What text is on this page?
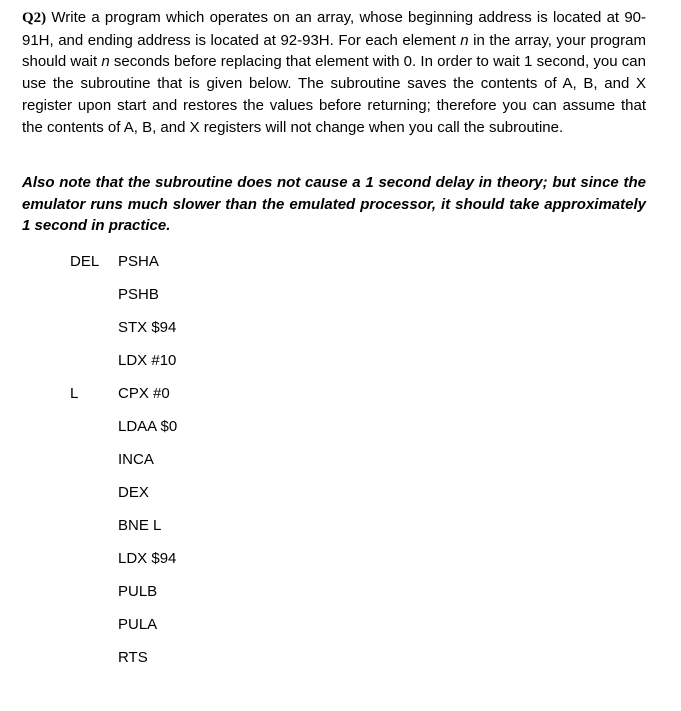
Q2) Write a program which operates on an array, whose beginning address is located at 90- 91H, and ending address is located at 92-93H. For each element n in the array, your program should wait n seconds before replacing that element with 0. In order to wait 1 second, you can use the subroutine that is given below. The subroutine saves the contents of A, B, and X register upon start and restores the values before returning; therefore you can assume that the contents of A, B, and X registers will not change when you call the subroutine.

Also note that the subroutine does not cause a 1 second delay in theory; but since the emulator runs much slower than the emulated processor, it should take approximately 1 second in practice.

DEL PSHA
PSHB
STX $94
LDX #10
L	CPX #0
LDAA $0
INCA
DEX
BNE L
LDX $94
PULB
PULA
RTS
